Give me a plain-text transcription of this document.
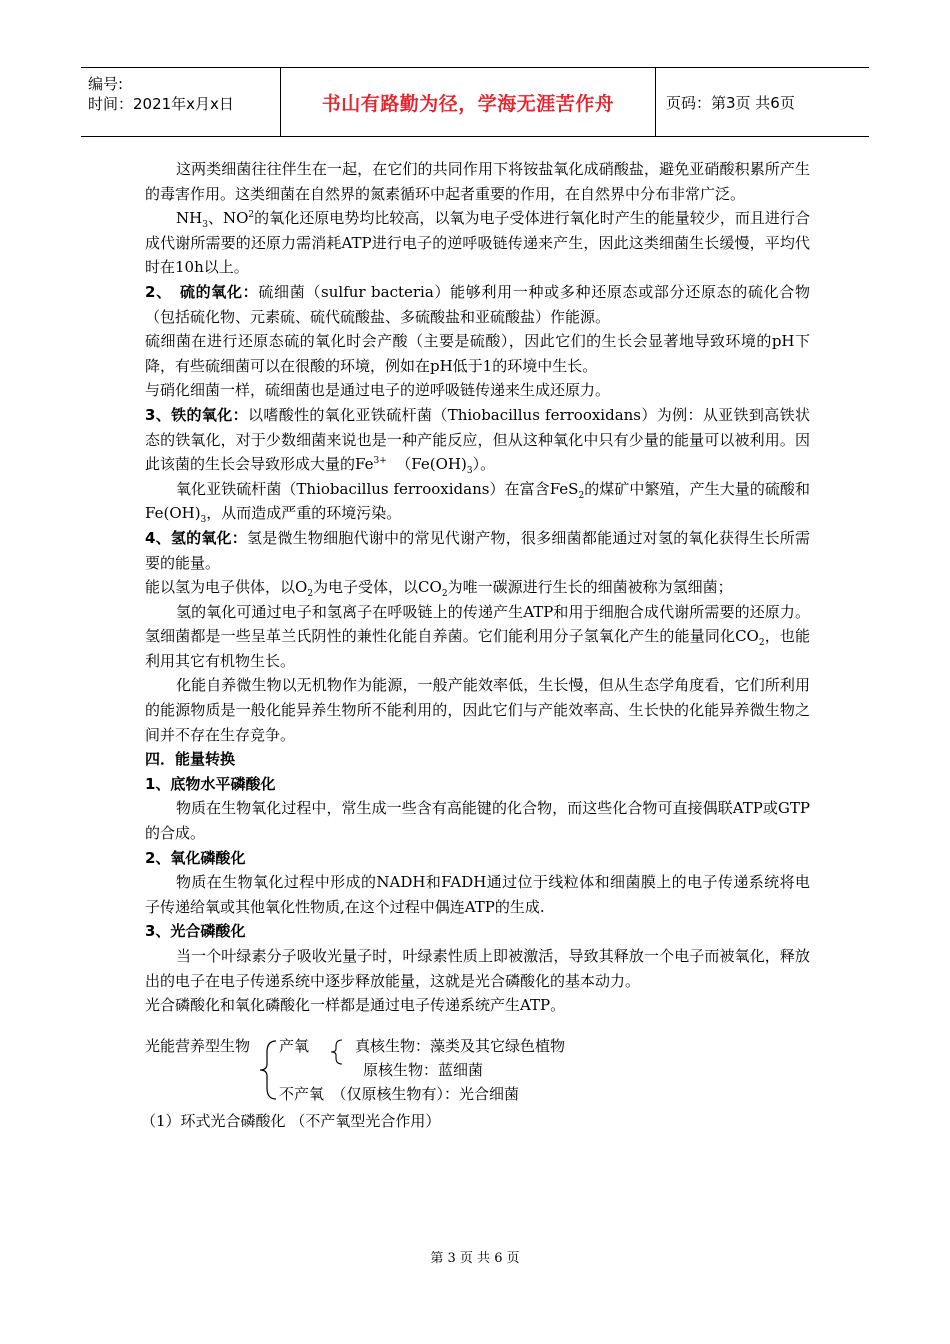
编号:
时间：2021年x月x日	书山有路勤为径，学海无涯苦作舟	页码：第3页 共6页

这两类细菌往往伴生在一起，在它们的共同作用下将铵盐氧化成硝酸盐，避免亚硝酸积累所产生的毒害作用。这类细菌在自然界的氮素循环中起者重要的作用，在自然界中分布非常广泛。

$NH_3$、$NO^2$的氧化还原电势均比较高，以氧为电子受体进行氧化时产生的能量较少，而且进行合成代谢所需要的还原力需消耗ATP进行电子的逆呼吸链传递来产生，因此这类细菌生长缓慢，平均代时在10h以上。

2、　硫的氧化：硫细菌（sulfur bacteria）能够利用一种或多种还原态或部分还原态的硫化合物（包括硫化物、元素硫、硫代硫酸盐、多硫酸盐和亚硫酸盐）作能源。

硫细菌在进行还原态硫的氧化时会产酸（主要是硫酸），因此它们的生长会显著地导致环境的pH下降，有些硫细菌可以在很酸的环境，例如在pH低于1的环境中生长。

与硝化细菌一样，硫细菌也是通过电子的逆呼吸链传递来生成还原力。

3、铁的氧化：以嗜酸性的氧化亚铁硫杆菌（Thiobacillus ferrooxidans）为例：从亚铁到高铁状态的铁氧化，对于少数细菌来说也是一种产能反应，但从这种氧化中只有少量的能量可以被利用。因此该菌的生长会导致形成大量的$Fe^{3+}$ $(Fe(OH)_3)$。

氧化亚铁硫杆菌（Thiobacillus ferrooxidans）在富含FeS$_2$的煤矿中繁殖，产生大量的硫酸和$Fe(OH)_3$，从而造成严重的环境污染。

4、氢的氧化：氢是微生物细胞代谢中的常见代谢产物，很多细菌都能通过对氢的氧化获得生长所需要的能量。

能以氢为电子供体，以$O_2$为电子受体，以$CO_2$为唯一碳源进行生长的细菌被称为氢细菌；

氢的氧化可通过电子和氢离子在呼吸链上的传递产生ATP和用于细胞合成代谢所需要的还原力。氢细菌都是一些呈革兰氏阴性的兼性化能自养菌。它们能利用分子氢氧化产生的能量同化$CO_2$，也能利用其它有机物生长。

化能自养微生物以无机物作为能源，一般产能效率低，生长慢，但从生态学角度看，它们所利用的能源物质是一般化能异养生物所不能利用的，因此它们与产能效率高、生长快的化能异养微生物之间并不存在生存竞争。

四．能量转换

1、底物水平磷酸化

物质在生物氧化过程中，常生成一些含有高能键的化合物，而这些化合物可直接偶联ATP或GTP的合成。

2、氧化磷酸化

物质在生物氧化过程中形成的NADH和FADH通过位于线粒体和细菌膜上的电子传递系统将电子传递给氧或其他氧化性物质,在这个过程中偶连ATP的生成.

3、光合磷酸化

当一个叶绿素分子吸收光量子时，叶绿素性质上即被激活，导致其释放一个电子而被氧化，释放出的电子在电子传递系统中逐步释放能量，这就是光合磷酸化的基本动力。

光合磷酸化和氧化磷酸化一样都是通过电子传递系统产生ATP。

光能营养型生物 产氧	真核生物：藻类及其它绿色植物
原核生物：蓝细菌
不产氧　（仅原核生物有）：光合细菌

（1）环式光合磷酸化 （不产氧型光合作用）

第 3 页 共 6 页
